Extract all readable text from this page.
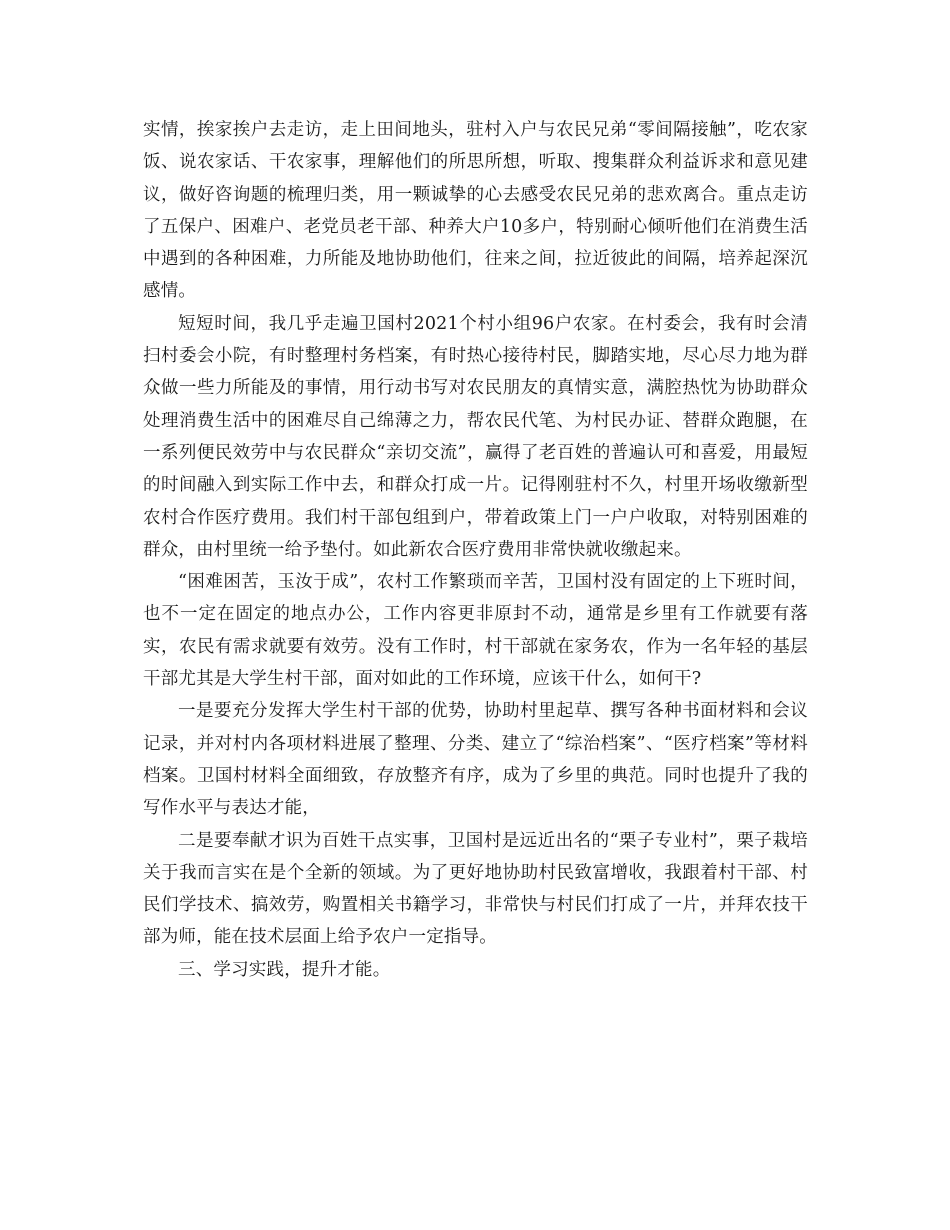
实情，挨家挨户去走访，走上田间地头，驻村入户与农民兄弟“零间隔接触”，吃农家饭、说农家话、干农家事，理解他们的所思所想，听取、搜集群众利益诉求和意见建议，做好咨询题的梳理归类，用一颗诚挚的心去感受农民兄弟的悲欢离合。重点走访了五保户、困难户、老党员老干部、种养大户10多户，特别耐心倾听他们在消费生活中遇到的各种困难，力所能及地协助他们，往来之间，拉近彼此的间隔，培养起深沉感情。

短短时间，我几乎走遍卫国村2021个村小组96户农家。在村委会，我有时会清扫村委会小院，有时整理村务档案，有时热心接待村民，脚踏实地，尽心尽力地为群众做一些力所能及的事情，用行动书写对农民朋友的真情实意，满腔热忱为协助群众处理消费生活中的困难尽自己绵薄之力，帮农民代笔、为村民办证、替群众跑腿，在一系列便民效劳中与农民群众“亲切交流”，赢得了老百姓的普遍认可和喜爱，用最短的时间融入到实际工作中去，和群众打成一片。记得刚驻村不久，村里开场收缴新型农村合作医疗费用。我们村干部包组到户，带着政策上门一户户收取，对特别困难的群众，由村里统一给予垫付。如此新农合医疗费用非常快就收缴起来。

“困难困苦，玉汝于成”，农村工作繁琐而辛苦，卫国村没有固定的上下班时间，也不一定在固定的地点办公，工作内容更非原封不动，通常是乡里有工作就要有落实，农民有需求就要有效劳。没有工作时，村干部就在家务农，作为一名年轻的基层干部尤其是大学生村干部，面对如此的工作环境，应该干什么，如何干?

一是要充分发挥大学生村干部的优势，协助村里起草、撰写各种书面材料和会议记录，并对村内各项材料进展了整理、分类、建立了“综治档案”、“医疗档案”等材料档案。卫国村材料全面细致，存放整齐有序，成为了乡里的典范。同时也提升了我的写作水平与表达才能，

二是要奉献才识为百姓干点实事，卫国村是远近出名的“栗子专业村”，栗子栽培关于我而言实在是个全新的领域。为了更好地协助村民致富增收，我跟着村干部、村民们学技术、搞效劳，购置相关书籍学习，非常快与村民们打成了一片，并拜农技干部为师，能在技术层面上给予农户一定指导。

三、学习实践，提升才能。
